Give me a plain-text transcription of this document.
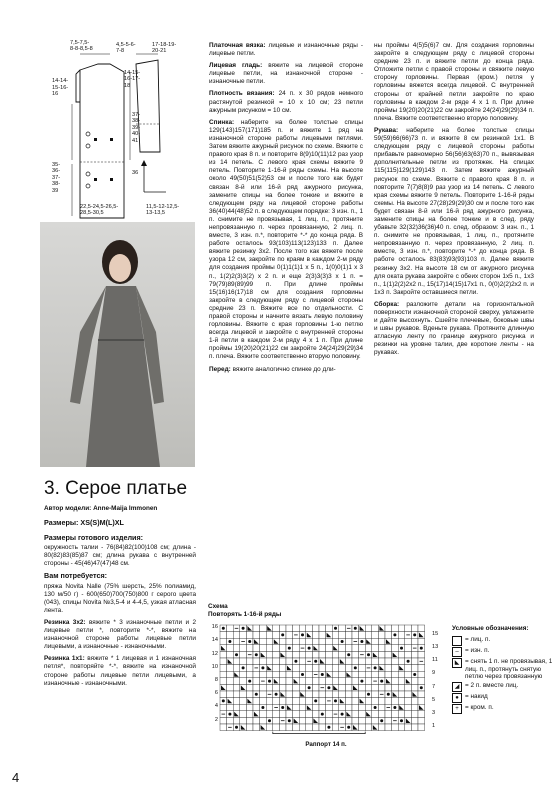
7,5-7,5-
8-8-8,5-8
4,5-5-6-
7-8
17-18-19-
20-21

14-14-
15-16-
16
14-15-
16-17-
18
37-
38-
39-
40-
41
35-
36-
37-
38-
39
36
22,5-24,5-26,5-
28,5-30,5
11,5-12-12,5-
13-13,5
3. Серое платье

Автор модели: Anne-Maija Immonen

Размеры: XS(S)M(L)XL

Размеры готового изделия:

окружность талии - 76(84)82(100)108 см; длина - 80(82)83(85)87 см; длина рукава с внутренней стороны - 45(46)47(47)48 см.

Вам потребуется:

пряжа Novita Nalle (75% шерсть, 25% полиамид, 130 м/50 г) - 600(650)700(750)800 г серого цвета (043), спицы Novita №3,5-4 и 4-4,5, узкая атласная лента.

Резинка 3х2: вяжите * 3 изнаночные петли и 2 лицевые петли *, повторите *-*, вяжите на изнаночной стороне работы лицевые петли лицевыми, а изнаночные - изнаночными.

Резинка 1х1: вяжите * 1 лицевая и 1 изнаночная петля*, повторяйте *-*, вяжите на изнаночной стороне работы лицевые петли лицевыми, а изнаночные - изнаночными.

Платочная вязка: лицевые и изнаночные ряды - лицевые петли.

Лицевая гладь: вяжите на лицевой стороне лицевые петли, на изнаночной стороне - изнаночные петли.

Плотность вязания: 24 п. x 30 рядов немного растянутой резинкой = 10 x 10 см; 23 петли ажурным рисунком = 10 см.

Спинка: наберите на более толстые спицы 129(143)157(171)185 п. и вяжите 1 ряд на изнаночной стороне работы лицевыми петлями. Затем вяжите ажурный рисунок по схеме. Вяжите с правого края 8 п. и повторите 8(9)10(11)12 раз узор из 14 петель. С левого края схемы вяжите 9 петель. Повторите 1-16-й ряды схемы. На высоте около 49(50)51(52)53 см и после того как будет связан 8-й или 16-й ряд ажурного рисунка, замените спицы на более тонкие и вяжите в следующем ряду на лицевой стороне работы 36(40)44(48)52 п. в следующем порядке: 3 изн. п., 1 п. снимите не провязывая, 1 лиц. п., протяните непровязанную п. через провязанную, 2 лиц. п. вместе, 3 изн. п.*, повторите *-* до конца ряда. В работе осталось 93(103)113(123)133 п. Далее вяжите резинку 3х2. После того как вяжете после узора 12 см, закройте по краям в каждом 2-м ряду для создания проймы 0(1)1(1)1 x 5 п., 1(0)0(1)1 x 3 п., 1(2)2(3)3(2) x 2 п. и еще 2(3)3(3)3 x 1 п. = 79(79)89(89)99 п. При длине проймы 15(16)16(17)18 см для создания горловины закройте в следующем ряду с лицевой стороны средние 23 п. Вяжите все по отдельности. С правой стороны и начните вязать левую половину горловины. Вяжите с края горловины 1-ю петлю всегда лицевой и закройте с внутренней стороны 1-й петли в каждом 2-м ряду 4 x 1 п. При длине проймы 19(20)20(21)22 см закройте 24(24)29(29)34 п. плеча. Вяжите соответственно вторую половину.

Перед: вяжите аналогично спинке до дли-

ны проймы 4(5)5(6)7 см. Для создания горловины закройте в следующем ряду с лицевой стороны средние 23 п. и вяжите петли до конца ряда. Отложите петли с правой стороны и свяжите левую сторону горловины. Первая (кром.) петля у горловины вяжется всегда лицевой. С внутренней стороны от крайней петли закройте по краю горловины в каждом 2-м ряде 4 x 1 п. При длине проймы 19(20)20(21)22 см закройте 24(24)29(29)34 п. плеча. Вяжите соответственно вторую половину.

Рукава: наберите на более толстые спицы 59(59)66(66)73 п. и вяжите 8 см резинкой 1х1. В следующем ряду с лицевой стороны работы прибавьте равномерно 56(56)63(63)70 п., вывязывая дополнительные петли из протяжек. На спицах 115(115)129(129)143 п. Затем вяжите ажурный рисунок по схеме. Вяжите с правого края 8 п. и повторите 7(7)8(8)9 раз узор из 14 петель. С левого края схемы вяжите 9 петель. Повторите 1-16-й ряды схемы. На высоте 27(28)29(29)30 см и после того как будет связан 8-й или 16-й ряд ажурного рисунка, замените спицы на более тонкие и в след. ряду убавьте 32(32)36(36)40 п. след. образом: 3 изн. п., 1 п. снимите не провязывая, 1 лиц. п., протяните непровязанную п. через провязанную, 2 лиц. п. вместе, 3 изн. п.*, повторите *-* до конца ряда. В работе осталось 83(83)93(93)103 п. Далее вяжите резинку 3х2. На высоте 18 см от ажурного рисунка для оката рукава закройте с обеих сторон 1х5 п., 1х3 п., 1(1)2(2)2х2 п., 15(17)14(15)17х1 п., 0(0)2(2)2х2 п. и 1х3 п. Закройте оставшиеся петли.

Сборка: разложите детали на горизонтальной поверхности изнаночной стороной сверху, увлажните и дайте высохнуть. Сшейте плечевые, боковые швы и швы рукавов. Вденьте рукава. Протяните длинную атласную ленту по границе ажурного рисунка и резинки на уровне талии, две короткие ленты - на рукавах.

Схема
Повторять 1-16-й ряды
16
14
12
10
8
6
4
2
15
13
11
9
7
5
3
1
Раппорт 14 п.
Условные обозначения:
= лиц. п.
– = изн. п.
◣ = снять 1 п. не провязывая, 1 лиц. п., протянуть снятую петлю через провязанную
◢ = 2 п. вместе лиц.
● = накид
+ = кром. п.
4
